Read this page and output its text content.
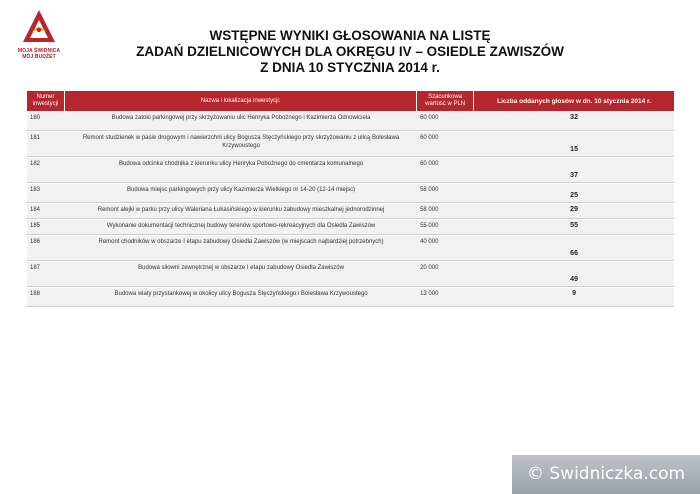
MOJA ŚWIDNICA
MÓJ BUDŻET
WSTĘPNE WYNIKI GŁOSOWANIA NA LISTĘ
ZADAŃ DZIELNICOWYCH DLA OKRĘGU IV – OSIEDLE ZAWISZÓW
Z DNIA 10 STYCZNIA 2014 r.
Numer inwestycji	Nazwa i lokalizacja inwestycji:	Szacunkowa wartość w PLN	Liczba oddanych głosów w dn. 10 stycznia 2014 r.
180	Budowa zatoki parkingowej przy skrzyżowaniu ulic Henryka Pobożnego i Kazimierza Odnowiciela	60 000	32
181	Remont studzienek w pasie drogowym i nawierzchni ulicy Bogusza Stęczyńskiego przy skrzyżowaniu z ulicą Bolesława Krzywoustego	60 000	15
182	Budowa odcinka chodnika z kierunku ulicy Henryka Pobożnego do cmentarza komunalnego	60 000	37
183	Budowa miejsc parkingowych przy ulicy Kazimierza Wielkiego nr 14-20 (12-14 miejsc)	58 000	25
184	Remont alejki w parku przy ulicy Waleriana Łukasińskiego w kierunku zabudowy mieszkalnej jednorodzinnej	58 000	29
185	Wykonanie dokumentacji technicznej budowy terenów sportowo-rekreacyjnych dla Osiedla Zawiszów	55 000	55
186	Remont chodników w obszarze I etapu zabudowy Osiedla Zawiszów (w miejscach najbardziej potrzebnych)	40 000	66
187	Budowa siłowni zewnętrznej w obszarze I etapu zabudowy Osiedla Zawiszów	20 000	49
188	Budowa wiaty przystankowej w okolicy ulicy Bogusza Stęczyńskiego i Bolesława Krzywoustego	13 000	9
© Swidniczka.com
